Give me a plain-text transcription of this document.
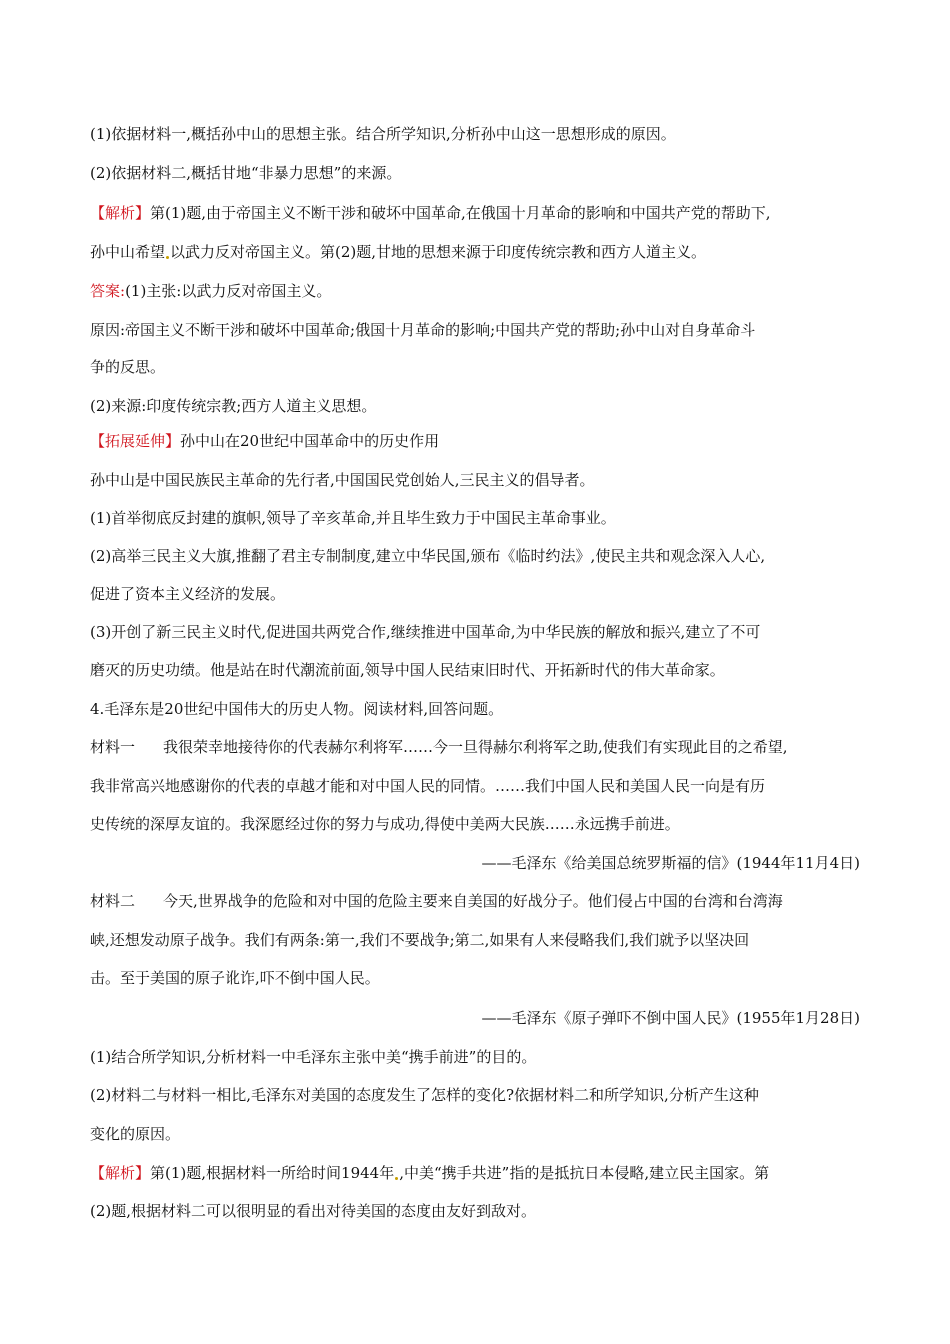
(1)依据材料一,概括孙中山的思想主张。结合所学知识,分析孙中山这一思想形成的原因。
(2)依据材料二,概括甘地“非暴力思想”的来源。
【解析】第(1)题,由于帝国主义不断干涉和破坏中国革命,在俄国十月革命的影响和中国共产党的帮助下,
孙中山希望 以武力反对帝国主义。第(2)题,甘地的思想来源于印度传统宗教和西方人道主义。
答案:(1)主张:以武力反对帝国主义。
原因:帝国主义不断干涉和破坏中国革命;俄国十月革命的影响;中国共产党的帮助;孙中山对自身革命斗
争的反思。
(2)来源:印度传统宗教;西方人道主义思想。
【拓展延伸】孙中山在20世纪中国革命中的历史作用
孙中山是中国民族民主革命的先行者,中国国民党创始人,三民主义的倡导者。
(1)首举彻底反封建的旗帜,领导了辛亥革命,并且毕生致力于中国民主革命事业。
(2)高举三民主义大旗,推翻了君主专制制度,建立中华民国,颁布《临时约法》,使民主共和观念深入人心,
促进了资本主义经济的发展。
(3)开创了新三民主义时代,促进国共两党合作,继续推进中国革命,为中华民族的解放和振兴,建立了不可
磨灭的历史功绩。他是站在时代潮流前面,领导中国人民结束旧时代、开拓新时代的伟大革命家。
4.毛泽东是20世纪中国伟大的历史人物。阅读材料,回答问题。
材料一 我很荣幸地接待你的代表赫尔利将军……今一旦得赫尔利将军之助,使我们有实现此目的之希望,
我非常高兴地感谢你的代表的卓越才能和对中国人民的同情。……我们中国人民和美国人民一向是有历
史传统的深厚友谊的。我深愿经过你的努力与成功,得使中美两大民族……永远携手前进。
——毛泽东《给美国总统罗斯福的信》(1944年11月4日)
材料二 今天,世界战争的危险和对中国的危险主要来自美国的好战分子。他们侵占中国的台湾和台湾海
峡,还想发动原子战争。我们有两条:第一,我们不要战争;第二,如果有人来侵略我们,我们就予以坚决回
击。至于美国的原子讹诈,吓不倒中国人民。
——毛泽东《原子弹吓不倒中国人民》(1955年1月28日)
(1)结合所学知识,分析材料一中毛泽东主张中美“携手前进”的目的。
(2)材料二与材料一相比,毛泽东对美国的态度发生了怎样的变化?依据材料二和所学知识,分析产生这种
变化的原因。
【解析】第(1)题,根据材料一所给时间1944年 ,中美“携手共进”指的是抵抗日本侵略,建立民主国家。第
(2)题,根据材料二可以很明显的看出对待美国的态度由友好到敌对。
